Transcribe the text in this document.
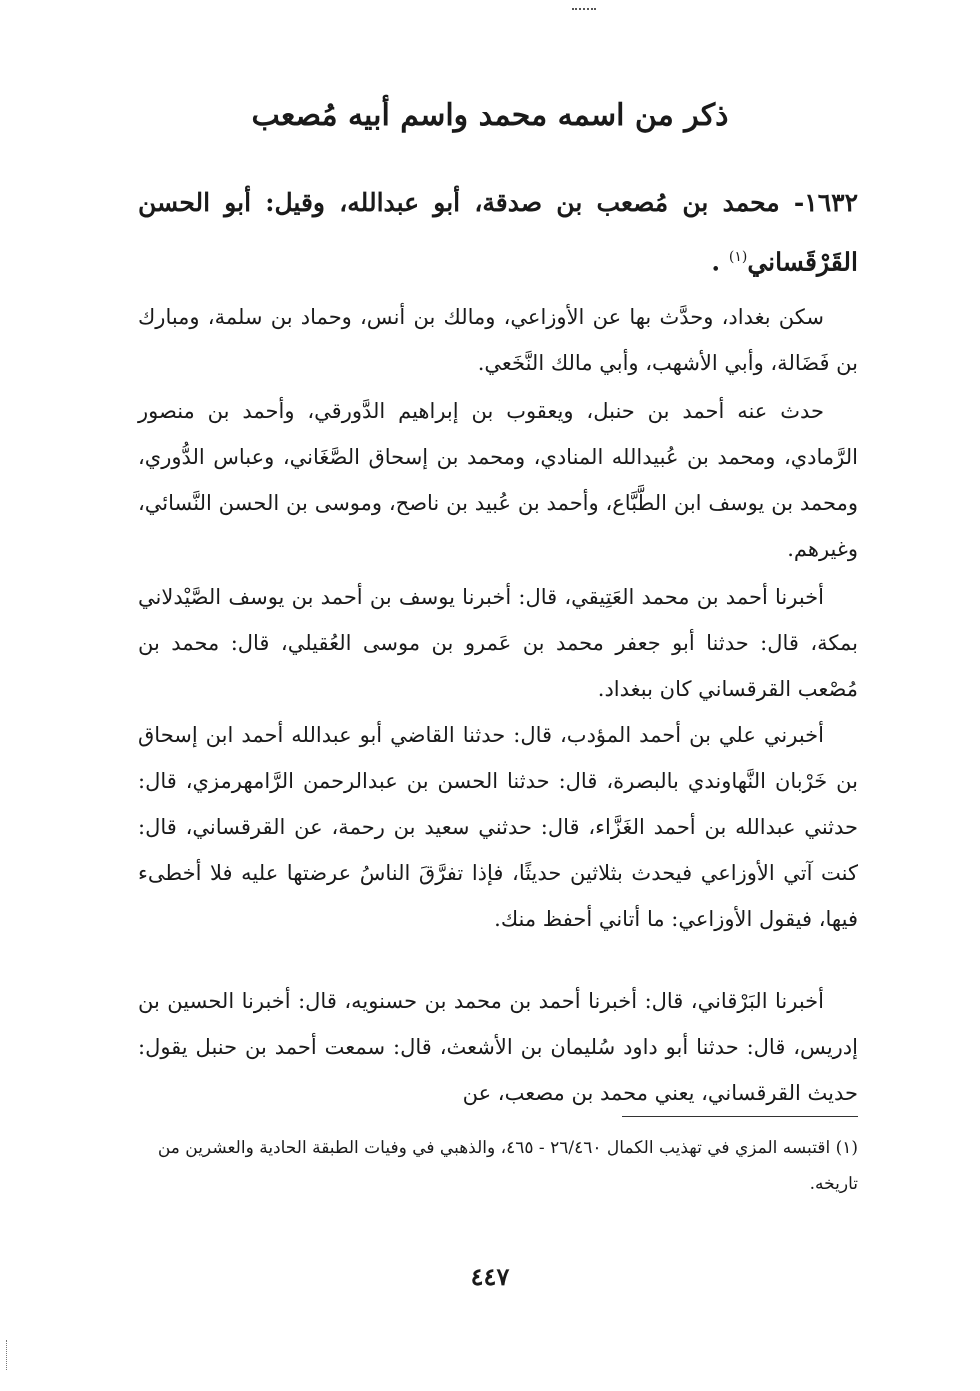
ذكر من اسمه محمد واسم أبيه مُصعب
١٦٣٢- محمد بن مُصعب بن صدقة، أبو عبدالله، وقيل: أبو الحسن القَرْقَساني$^{(١)}$ .
سكن بغداد، وحدَّث بها عن الأوزاعي، ومالك بن أنس، وحماد بن سلمة، ومبارك بن فَضَالة، وأبي الأشهب، وأبي مالك النَّخَعي.
حدث عنه أحمد بن حنبل، ويعقوب بن إبراهيم الدَّورقي، وأحمد بن منصور الرَّمادي، ومحمد بن عُبيدالله المنادي، ومحمد بن إسحاق الصَّغَاني، وعباس الدُّوري، ومحمد بن يوسف ابن الطَّبَّاع، وأحمد بن عُبيد بن ناصح، وموسى بن الحسن النَّسائي، وغيرهم.
أخبرنا أحمد بن محمد العَتِيقي، قال: أخبرنا يوسف بن أحمد بن يوسف الصَّيْدلاني بمكة، قال: حدثنا أبو جعفر محمد بن عَمرو بن موسى العُقيلي، قال: محمد بن مُصْعب القرقساني كان ببغداد.
أخبرني علي بن أحمد المؤدب، قال: حدثنا القاضي أبو عبدالله أحمد ابن إسحاق بن خَرْبان النَّهاوندي بالبصرة، قال: حدثنا الحسن بن عبدالرحمن الرَّامهرمزي، قال: حدثني عبدالله بن أحمد الغَزَّاء، قال: حدثني سعيد بن رحمة، عن القرقساني، قال: كنت آتي الأوزاعي فيحدث بثلاثين حديثًا، فإذا تفرَّقَ الناسُ عرضتها عليه فلا أخطىء فيها، فيقول الأوزاعي: ما أتاني أحفظ منك.
أخبرنا البَرْقاني، قال: أخبرنا أحمد بن محمد بن حسنويه، قال: أخبرنا الحسين بن إدريس، قال: حدثنا أبو داود سُليمان بن الأشعث، قال: سمعت أحمد بن حنبل يقول: حديث القرقساني، يعني محمد بن مصعب، عن
(١) اقتبسه المزي في تهذيب الكمال ٢٦/٤٦٠ - ٤٦٥، والذهبي في وفيات الطبقة الحادية والعشرين من تاريخه.
٤٤٧
